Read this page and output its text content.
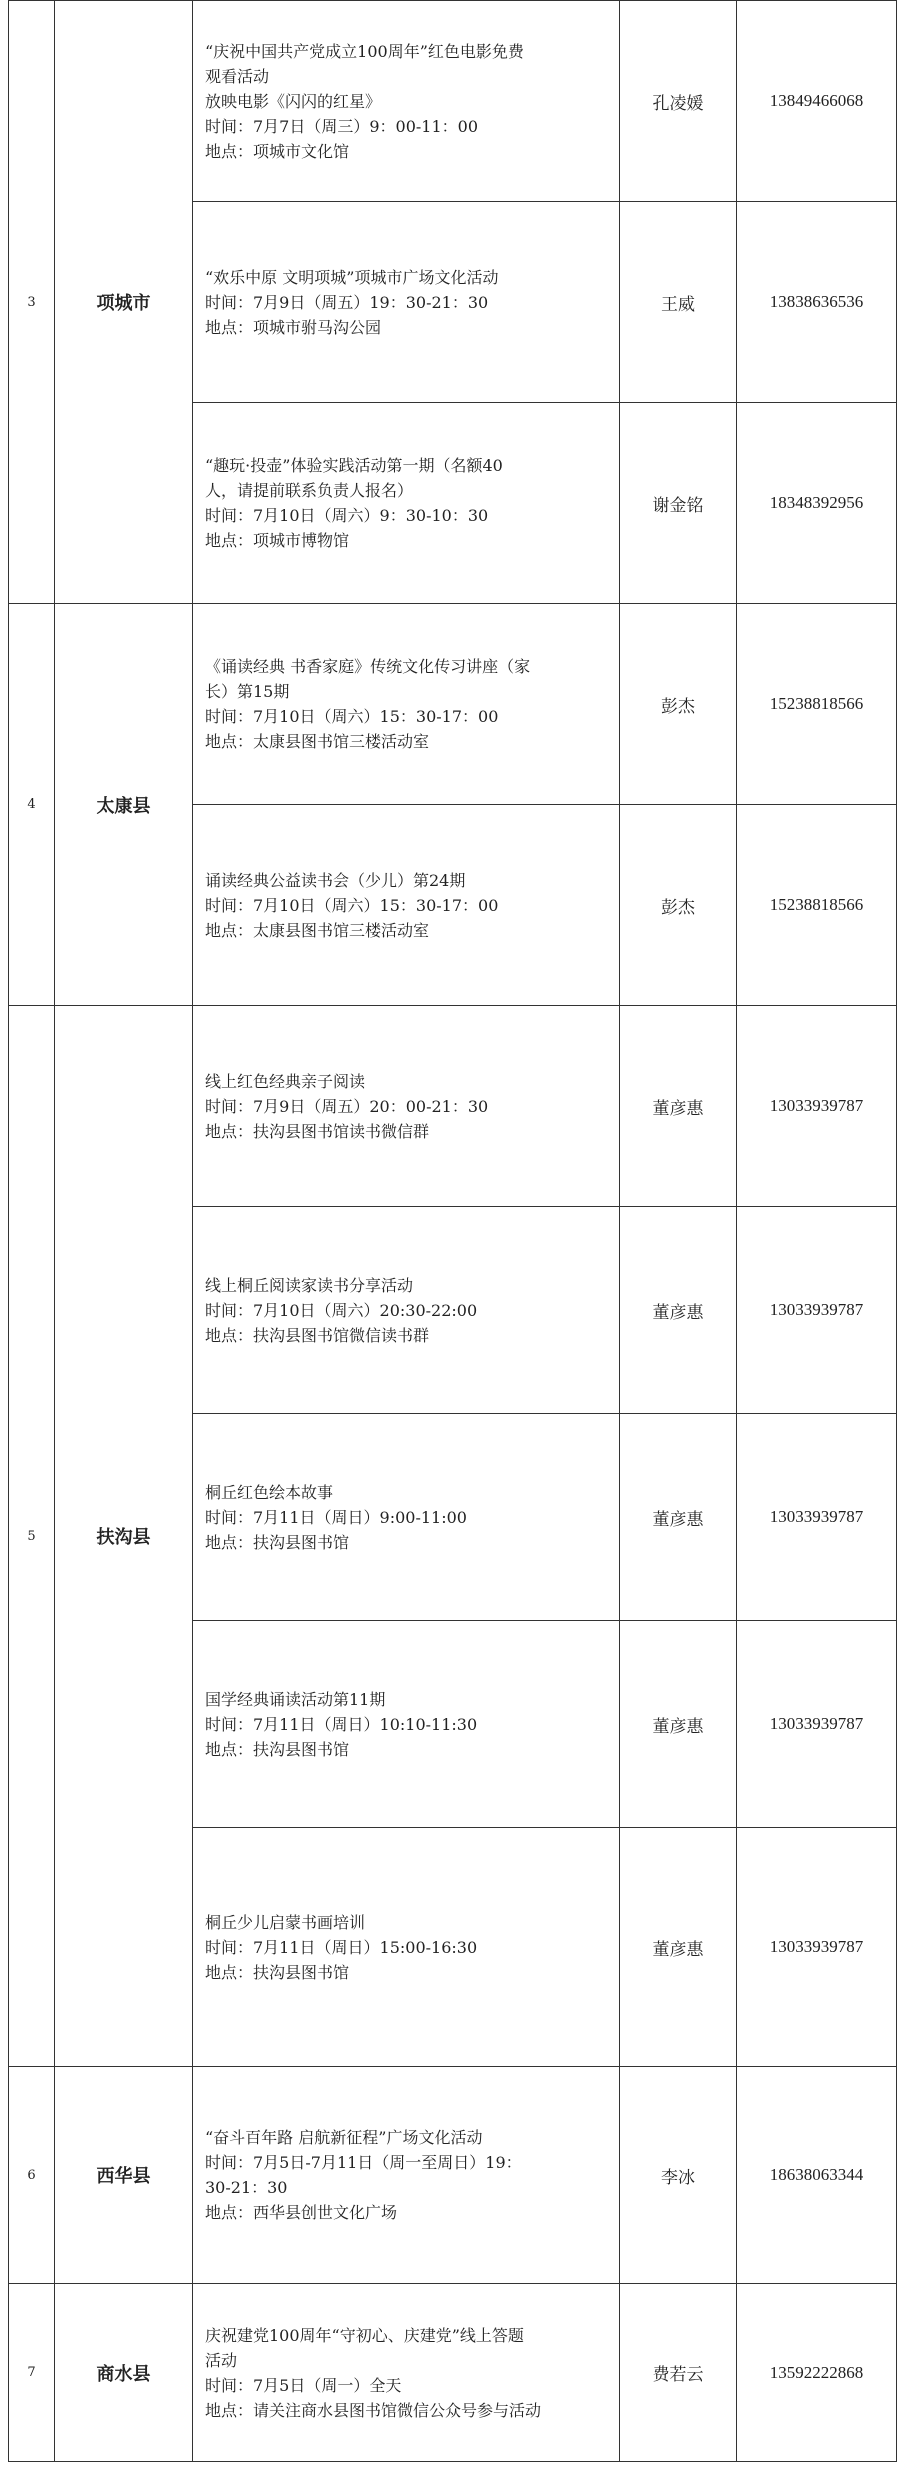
3	项城市	“庆祝中国共产党成立100周年”红色电影免费
观看活动
放映电影《闪闪的红星》
时间：7月7日（周三）9：00-11：00
地点：项城市文化馆	孔凌媛	13849466068

		“欢乐中原 文明项城”项城市广场文化活动
时间：7月9日（周五）19：30-21：30
地点：项城市驸马沟公园	王威	13838636536

		“趣玩·投壶”体验实践活动第一期（名额40
人，请提前联系负责人报名）
时间：7月10日（周六）9：30-10：30
地点：项城市博物馆	谢金铭	18348392956
4	太康县	《诵读经典 书香家庭》传统文化传习讲座（家
长）第15期
时间：7月10日（周六）15：30-17：00
地点：太康县图书馆三楼活动室	彭杰	15238818566

		诵读经典公益读书会（少儿）第24期
时间：7月10日（周六）15：30-17：00
地点：太康县图书馆三楼活动室	彭杰	15238818566
5	扶沟县	线上红色经典亲子阅读
时间：7月9日（周五）20：00-21：30
地点：扶沟县图书馆读书微信群	董彦惠	13033939787

		线上桐丘阅读家读书分享活动
时间：7月10日（周六）20:30-22:00
地点：扶沟县图书馆微信读书群	董彦惠	13033939787

		桐丘红色绘本故事
时间：7月11日（周日）9:00-11:00
地点：扶沟县图书馆	董彦惠	13033939787

		国学经典诵读活动第11期
时间：7月11日（周日）10:10-11:30
地点：扶沟县图书馆	董彦惠	13033939787

		桐丘少儿启蒙书画培训
时间：7月11日（周日）15:00-16:30
地点：扶沟县图书馆	董彦惠	13033939787
6	西华县	“奋斗百年路 启航新征程”广场文化活动
时间：7月5日-7月11日（周一至周日）19：
30-21：30
地点：西华县创世文化广场	李冰	18638063344
7	商水县	庆祝建党100周年“守初心、庆建党”线上答题
活动
时间：7月5日（周一）全天
地点：请关注商水县图书馆微信公众号参与活动	费若云	13592222868
